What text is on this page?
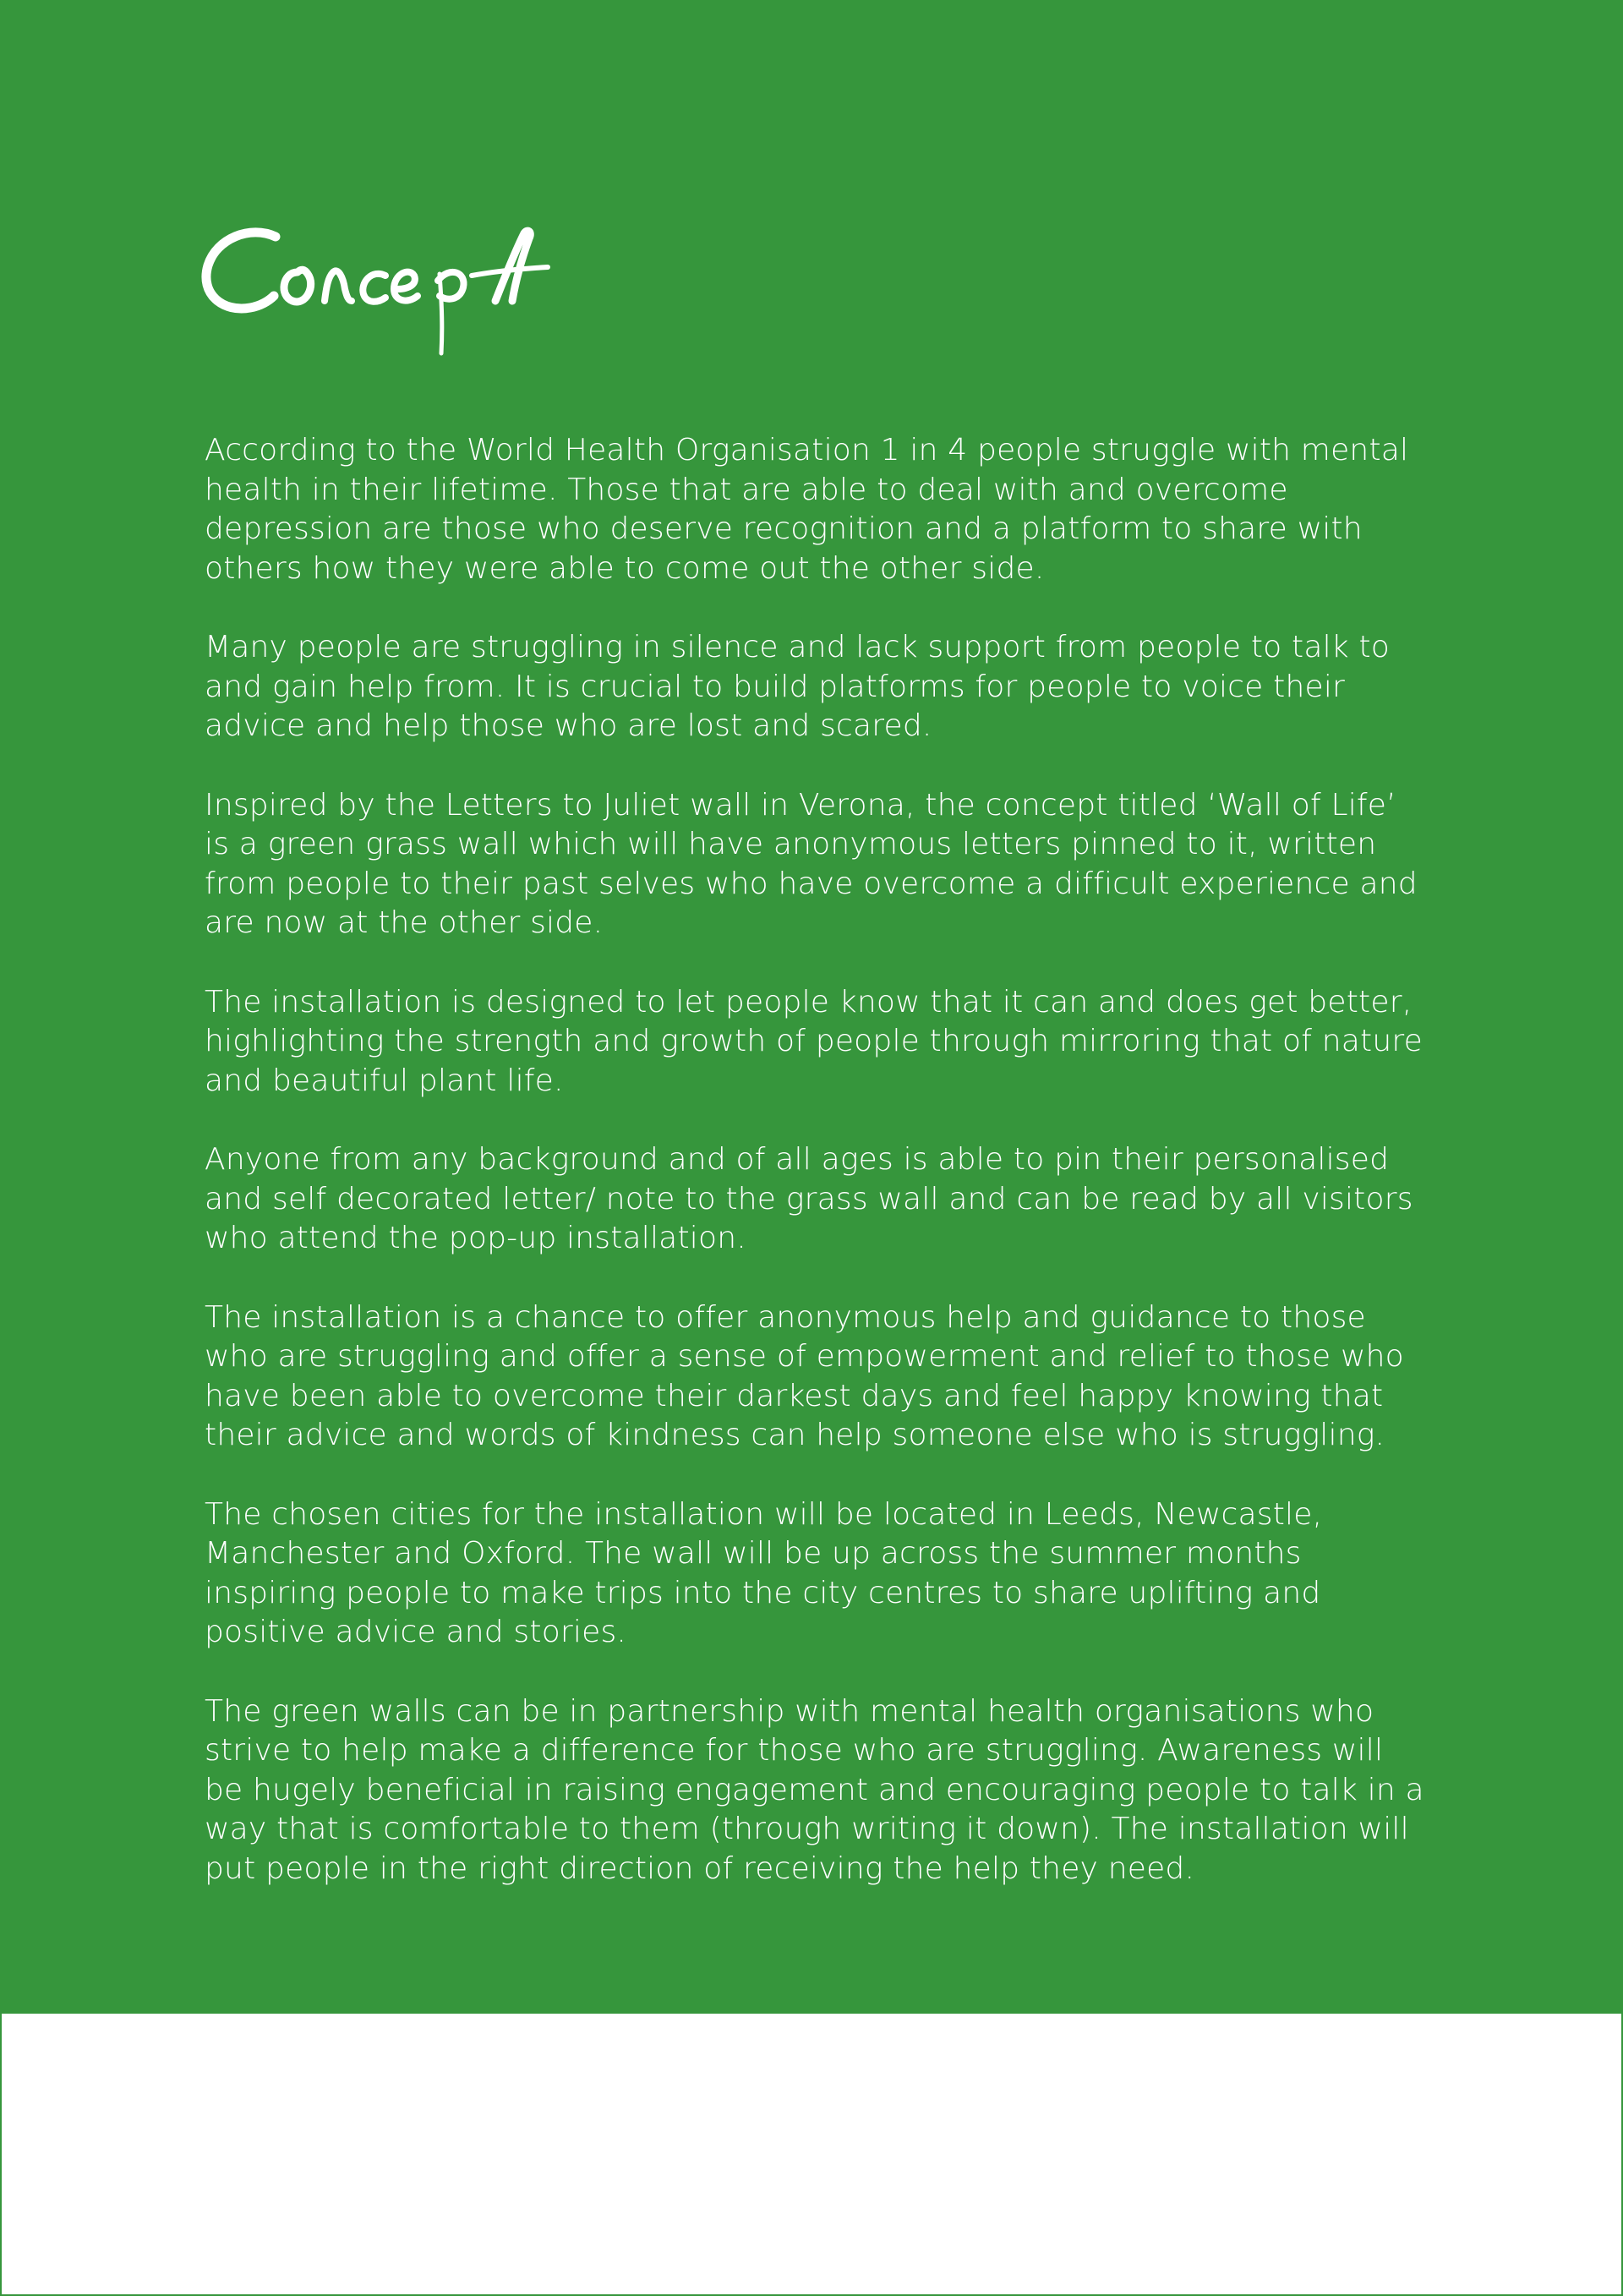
According to the World Health Organisation 1 in 4 people struggle with mental health in their lifetime. Those that are able to deal with and overcome depression are those who deserve recognition and a platform to share with others how they were able to come out the other side.

Many people are struggling in silence and lack support from people to talk to and gain help from. It is crucial to build platforms for people to voice their advice and help those who are lost and scared.

Inspired by the Letters to Juliet wall in Verona, the concept titled ‘Wall of Life’ is a green grass wall which will have anonymous letters pinned to it, written from people to their past selves who have overcome a difficult experience and are now at the other side.

The installation is designed to let people know that it can and does get better, highlighting the strength and growth of people through mirroring that of nature and beautiful plant life.

Anyone from any background and of all ages is able to pin their personalised and self decorated letter/ note to the grass wall and can be read by all visitors who attend the pop-up installation.

The installation is a chance to offer anonymous help and guidance to those who are struggling and offer a sense of empowerment and relief to those who have been able to overcome their darkest days and feel happy knowing that their advice and words of kindness can help someone else who is struggling.

The chosen cities for the installation will be located in Leeds, Newcastle, Manchester and Oxford. The wall will be up across the summer months inspiring people to make trips into the city centres to share uplifting and positive advice and stories.

The green walls can be in partnership with mental health organisations who strive to help make a difference for those who are struggling. Awareness will be hugely beneficial in raising engagement and encouraging people to talk in a way that is comfortable to them (through writing it down). The installation will put people in the right direction of receiving the help they need.
